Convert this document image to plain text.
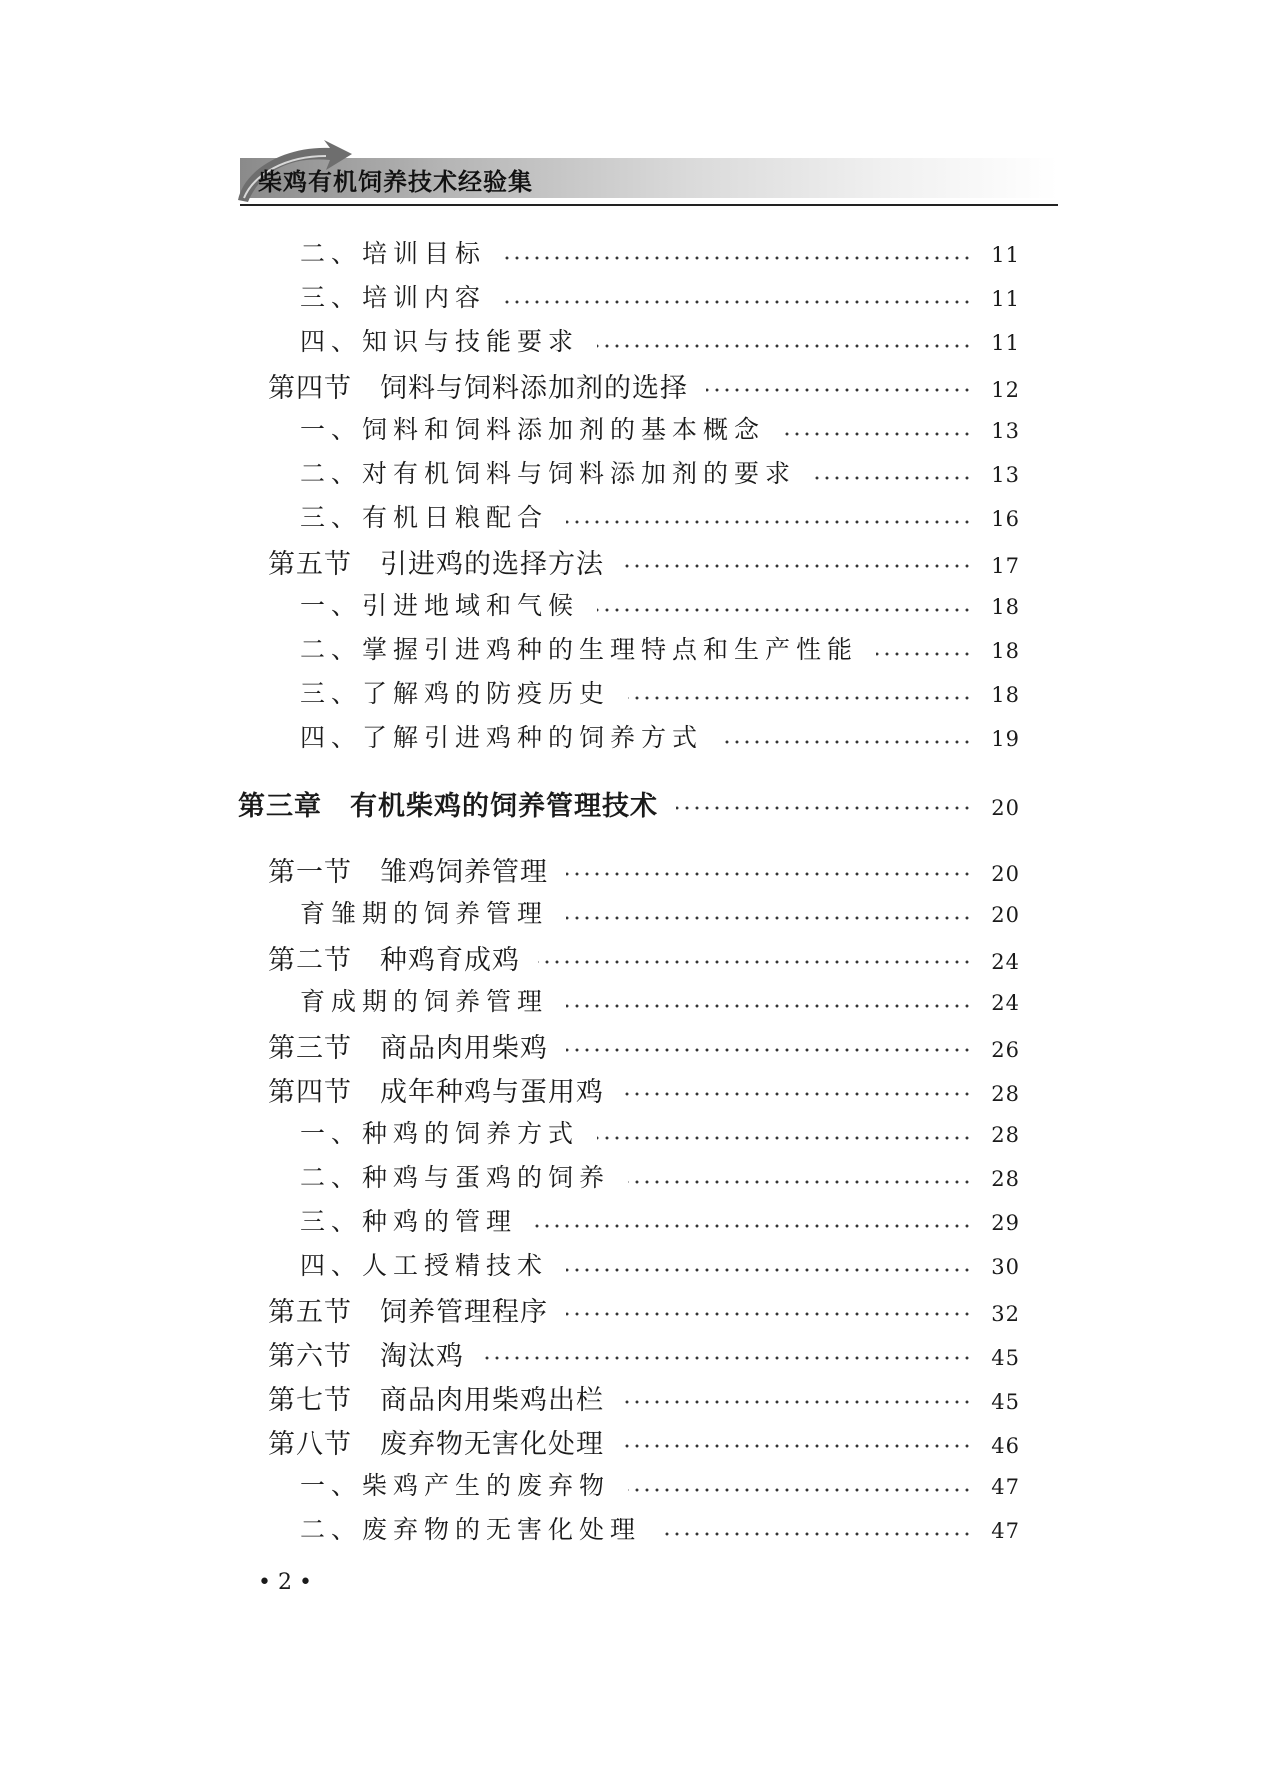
柴鸡有机饲养技术经验集
二、培训目标	11
三、培训内容	11
四、知识与技能要求	11
第四节 饲料与饲料添加剂的选择	12
一、饲料和饲料添加剂的基本概念	13
二、对有机饲料与饲料添加剂的要求	13
三、有机日粮配合	16
第五节 引进鸡的选择方法	17
一、引进地域和气候	18
二、掌握引进鸡种的生理特点和生产性能	18
三、了解鸡的防疫历史	18
四、了解引进鸡种的饲养方式	19
第三章 有机柴鸡的饲养管理技术	20
第一节 雏鸡饲养管理	20
育雏期的饲养管理	20
第二节 种鸡育成鸡	24
育成期的饲养管理	24
第三节 商品肉用柴鸡	26
第四节 成年种鸡与蛋用鸡	28
一、种鸡的饲养方式	28
二、种鸡与蛋鸡的饲养	28
三、种鸡的管理	29
四、人工授精技术	30
第五节 饲养管理程序	32
第六节 淘汰鸡	45
第七节 商品肉用柴鸡出栏	45
第八节 废弃物无害化处理	46
一、柴鸡产生的废弃物	47
二、废弃物的无害化处理	47
• 2 •
